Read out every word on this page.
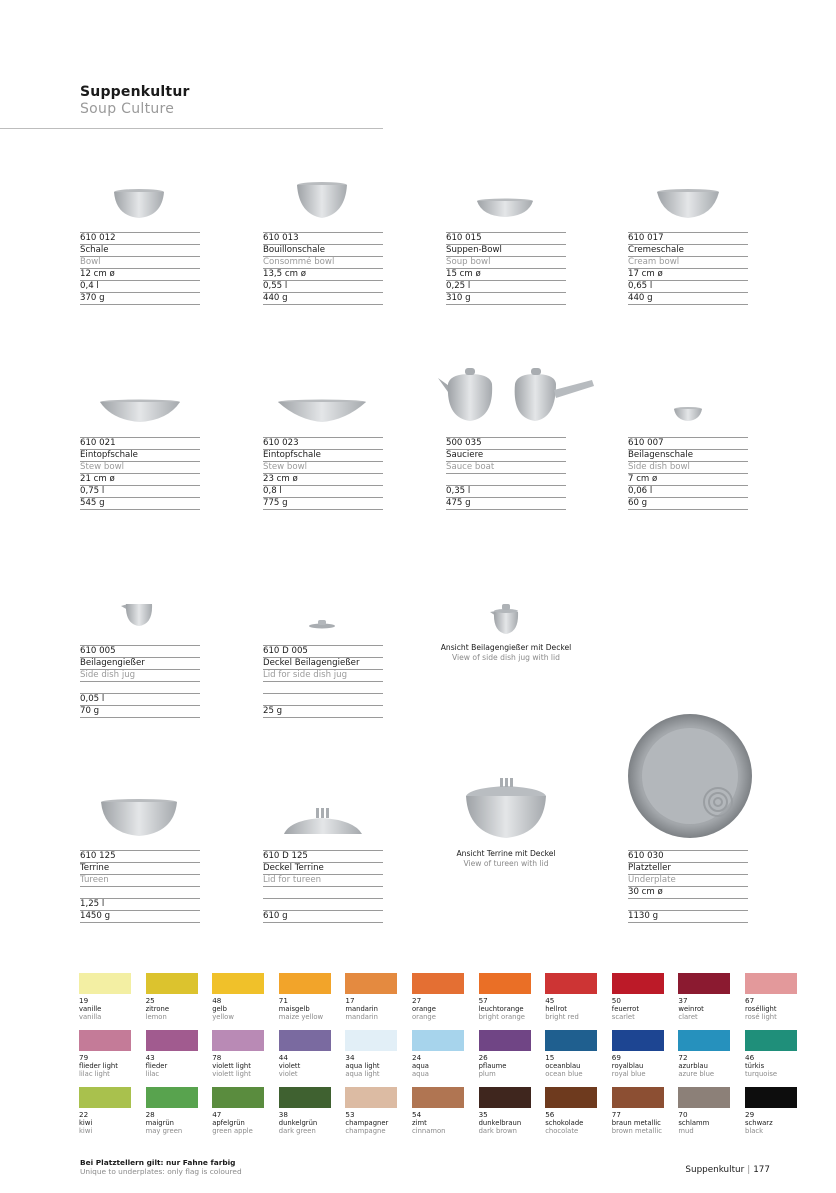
Suppenkultur
Soup Culture
610 012
Schale
Bowl
12 cm ø
0,4 l
370 g
610 013
Bouillonschale
Consommé bowl
13,5 cm ø
0,55 l
440 g
610 015
Suppen-Bowl
Soup bowl
15 cm ø
0,25 l
310 g
610 017
Cremeschale
Cream bowl
17 cm ø
0,65 l
440 g
610 021
Eintopfschale
Stew bowl
21 cm ø
0,75 l
545 g
610 023
Eintopfschale
Stew bowl
23 cm ø
0,8 l
775 g
500 035
Sauciere
Sauce boat
0,35 l
475 g
610 007
Beilagenschale
Side dish bowl
7 cm ø
0,06 l
60 g
610 005
Beilagengießer
Side dish jug
0,05 l
70 g
610 D 005
Deckel Beilagengießer
Lid for side dish jug
25 g
610 125
Terrine
Tureen
1,25 l
1450 g
610 D 125
Deckel Terrine
Lid for tureen
610 g
610 030
Platzteller
Underplate
30 cm ø
1130 g
Ansicht Beilagengießer mit Deckel
View of side dish jug with lid
Ansicht Terrine mit Deckel
View of tureen with lid
19
vanille
vanilla
25
zitrone
lemon
48
gelb
yellow
71
maisgelb
maize yellow
17
mandarin
mandarin
27
orange
orange
57
leuchtorange
bright orange
45
hellrot
bright red
50
feuerrot
scarlet
37
weinrot
claret
67
roséllight
rosé light
79
flieder light
lilac light
43
flieder
lilac
78
violett light
violett light
44
violett
violet
34
aqua light
aqua light
24
aqua
aqua
26
pflaume
plum
15
oceanblau
ocean blue
69
royalblau
royal blue
72
azurblau
azure blue
46
türkis
turquoise
22
kiwi
kiwi
28
maigrün
may green
47
apfelgrün
green apple
38
dunkelgrün
dark green
53
champagner
champagne
54
zimt
cinnamon
35
dunkelbraun
dark brown
56
schokolade
chocolate
77
braun metallic
brown metallic
70
schlamm
mud
29
schwarz
black
Bei Platztellern gilt: nur Fahne farbig
Unique to underplates: only flag is coloured	Suppenkultur | 177
